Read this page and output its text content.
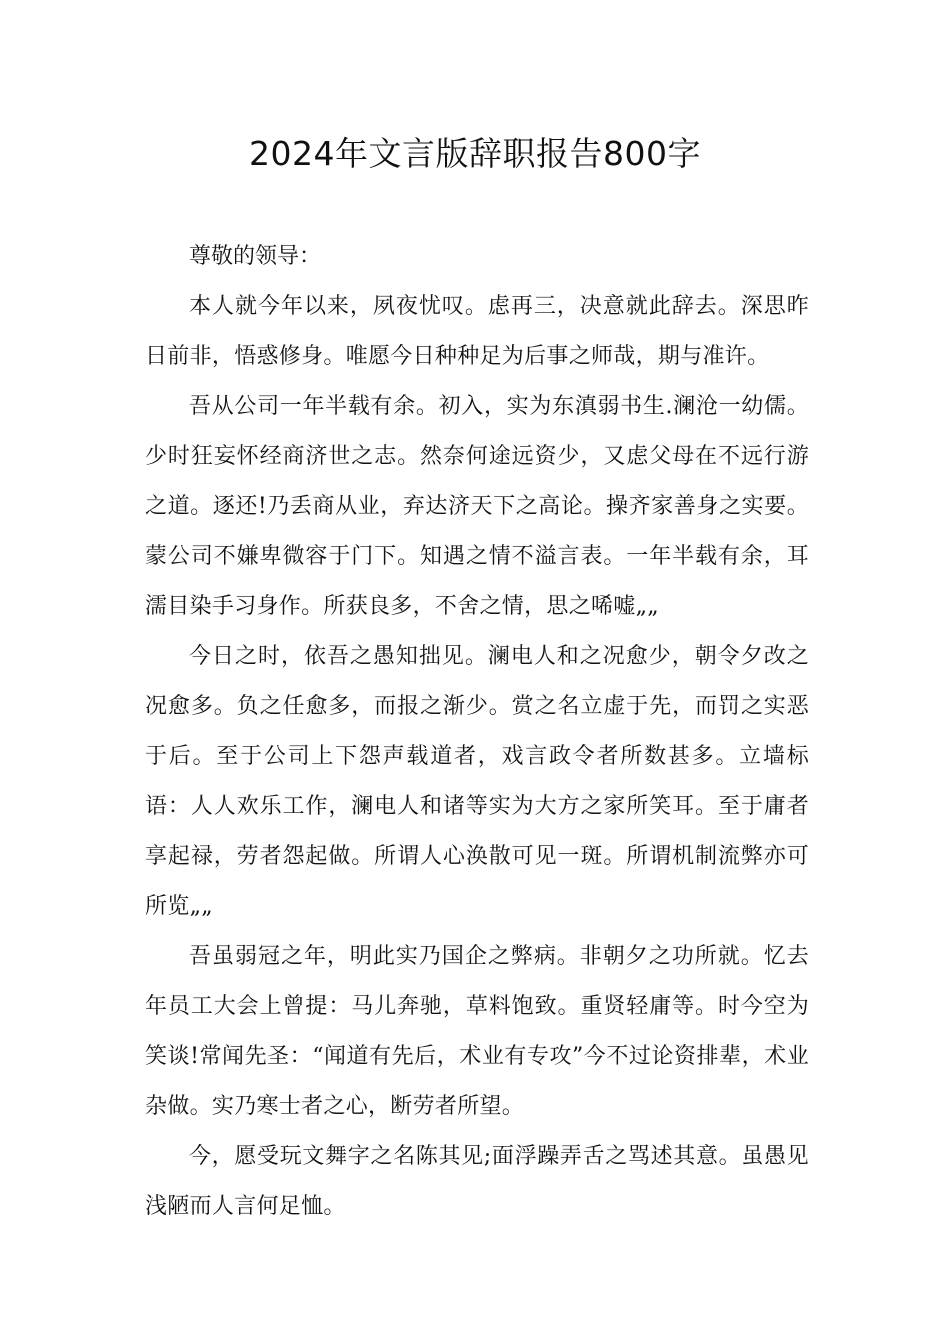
2024年文言版辞职报告800字

尊敬的领导：

本人就今年以来，夙夜忧叹。虑再三，决意就此辞去。深思昨日前非，悟惑修身。唯愿今日种种足为后事之师哉，期与准许。

吾从公司一年半载有余。初入，实为东滇弱书生.澜沧一幼儒。少时狂妄怀经商济世之志。然奈何途远资少，又虑父母在不远行游之道。逐还!乃丢商从业，弃达济天下之高论。操齐家善身之实要。蒙公司不嫌卑微容于门下。知遇之情不溢言表。一年半载有余，耳濡目染手习身作。所获良多，不舍之情，思之唏嘘„„

今日之时，依吾之愚知拙见。澜电人和之况愈少，朝令夕改之况愈多。负之任愈多，而报之渐少。赏之名立虚于先，而罚之实恶于后。至于公司上下怨声载道者，戏言政令者所数甚多。立墙标语：人人欢乐工作，澜电人和诸等实为大方之家所笑耳。至于庸者享起禄，劳者怨起做。所谓人心涣散可见一斑。所谓机制流弊亦可所览„„

吾虽弱冠之年，明此实乃国企之弊病。非朝夕之功所就。忆去年员工大会上曾提：马儿奔驰，草料饱致。重贤轻庸等。时今空为笑谈!常闻先圣：“闻道有先后，术业有专攻”今不过论资排辈，术业杂做。实乃寒士者之心，断劳者所望。

今，愿受玩文舞字之名陈其见;面浮躁弄舌之骂述其意。虽愚见浅陋而人言何足恤。
